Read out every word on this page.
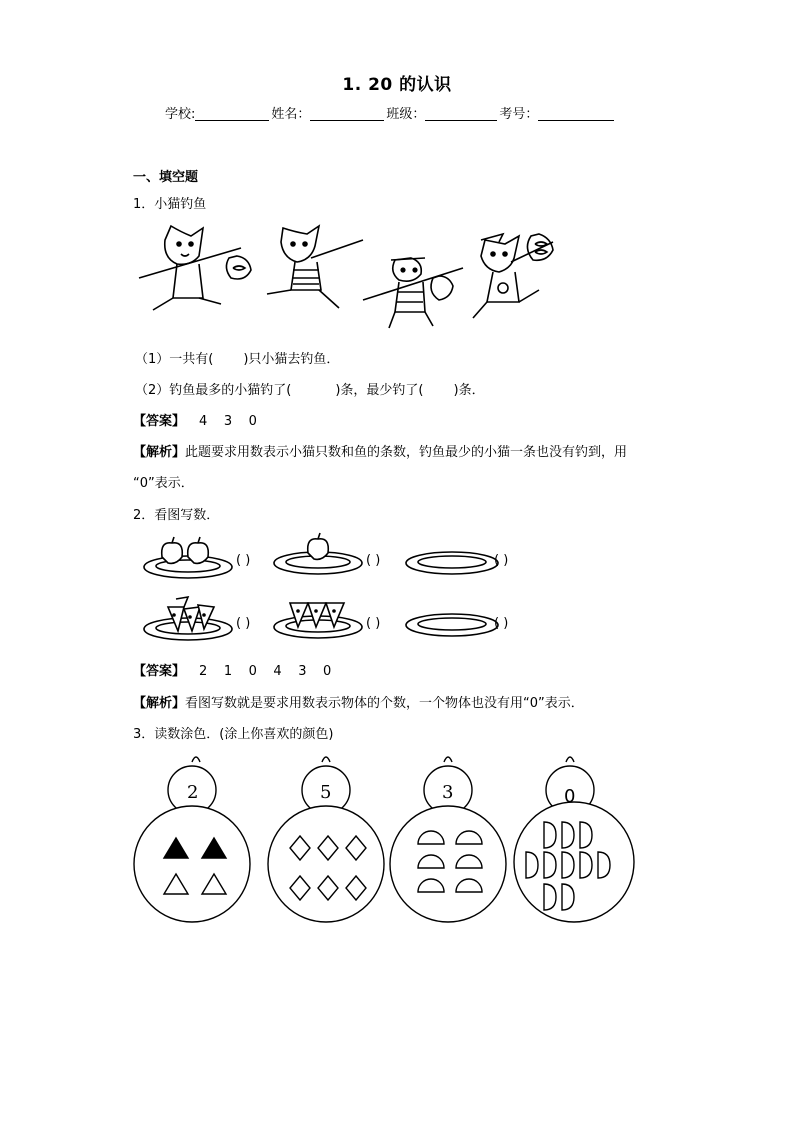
1. 20 的认识
学校:	姓名：	班级：	考号：
一、填空题
1．小猫钓鱼
（1）一共有( )只小猫去钓鱼．
（2）钓鱼最多的小猫钓了(	)条，最少钓了( )条．
【答案】 4    3    0
【解析】此题要求用数表示小猫只数和鱼的条数，钓鱼最少的小猫一条也没有钓到，用
“0”表示．
2．看图写数．
( )	( )	( )
( )	( )	( )
【答案】 2    1    0    4    3    0
【解析】看图写数就是要求用数表示物体的个数，一个物体也没有用“0”表示．
3．读数涂色．(涂上你喜欢的颜色)
2	5	3	0
